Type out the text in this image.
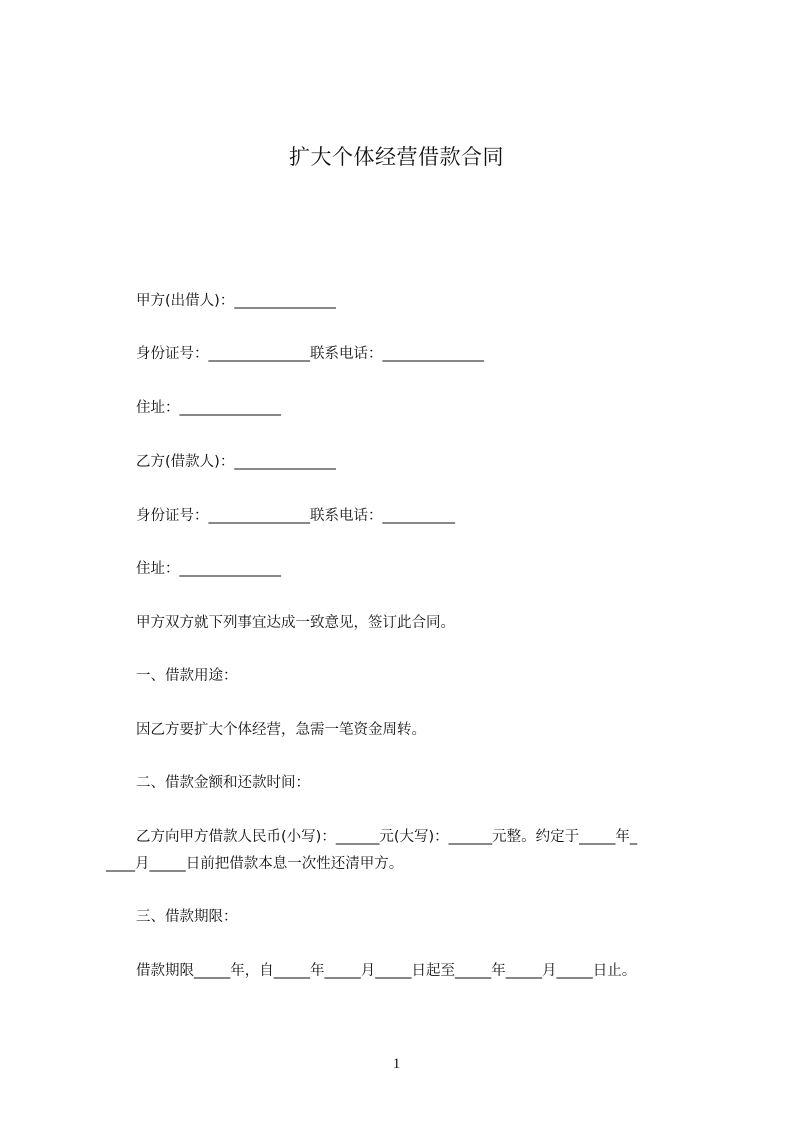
扩大个体经营借款合同
甲方(出借人)：______________
身份证号：______________联系电话：______________
住址：______________
乙方(借款人)：______________
身份证号：______________联系电话：__________
住址：______________
甲方双方就下列事宜达成一致意见，签订此合同。
一、借款用途：
因乙方要扩大个体经营，急需一笔资金周转。
二、借款金额和还款时间：
乙方向甲方借款人民币(小写)：______元(大写)：______元整。约定于_____年_
____月_____日前把借款本息一次性还清甲方。
三、借款期限：
借款期限_____年，自_____年_____月_____日起至_____年_____月_____日止。
1
